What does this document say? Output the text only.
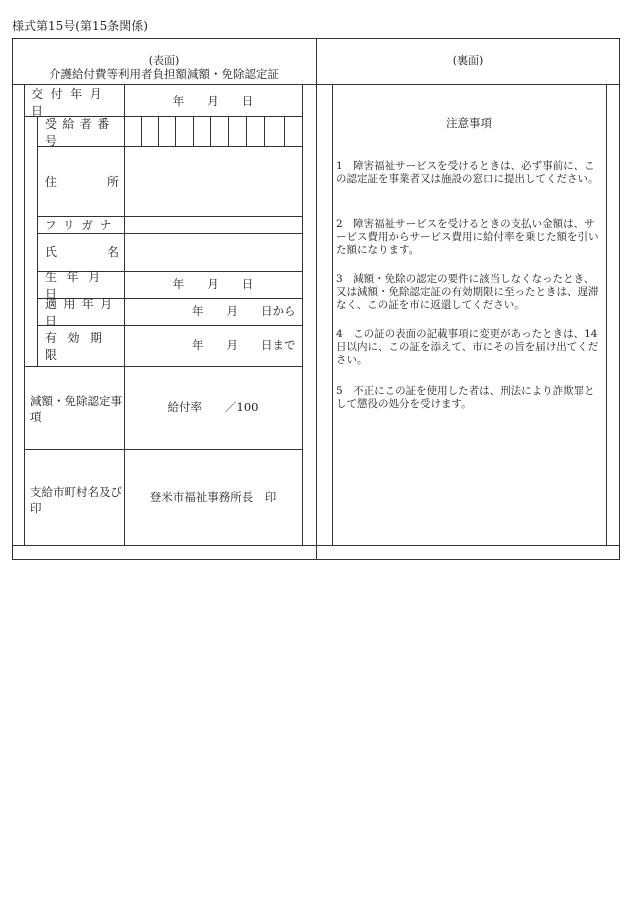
様式第15号(第15条関係)
(表面)
介護給付費等利用者負担額減額・免除認定証
(裏面)
交付年月日
年　　月　　日
受給者番号
住	所
フリガナ
氏	名
生年月日
年　　月　　日
適用年月日
年　　月　　日から
有効期限
年　　月　　日まで
減額・免除認定事項
給付率　　／100
支給市町村名及び印
登米市福祉事務所長　印
注意事項
1　障害福祉サービスを受けるときは、必ず事前に、この認定証を事業者又は施設の窓口に提出してください。
2　障害福祉サービスを受けるときの支払い金額は、サービス費用からサービス費用に給付率を乗じた額を引いた額になります。
3　減額・免除の認定の要件に該当しなくなったとき、又は減額・免除認定証の有効期限に至ったときは、遅滞なく、この証を市に返還してください。
4　この証の表面の記載事項に変更があったときは、14日以内に、この証を添えて、市にその旨を届け出てください。
5　不正にこの証を使用した者は、刑法により詐欺罪として懲役の処分を受けます。
